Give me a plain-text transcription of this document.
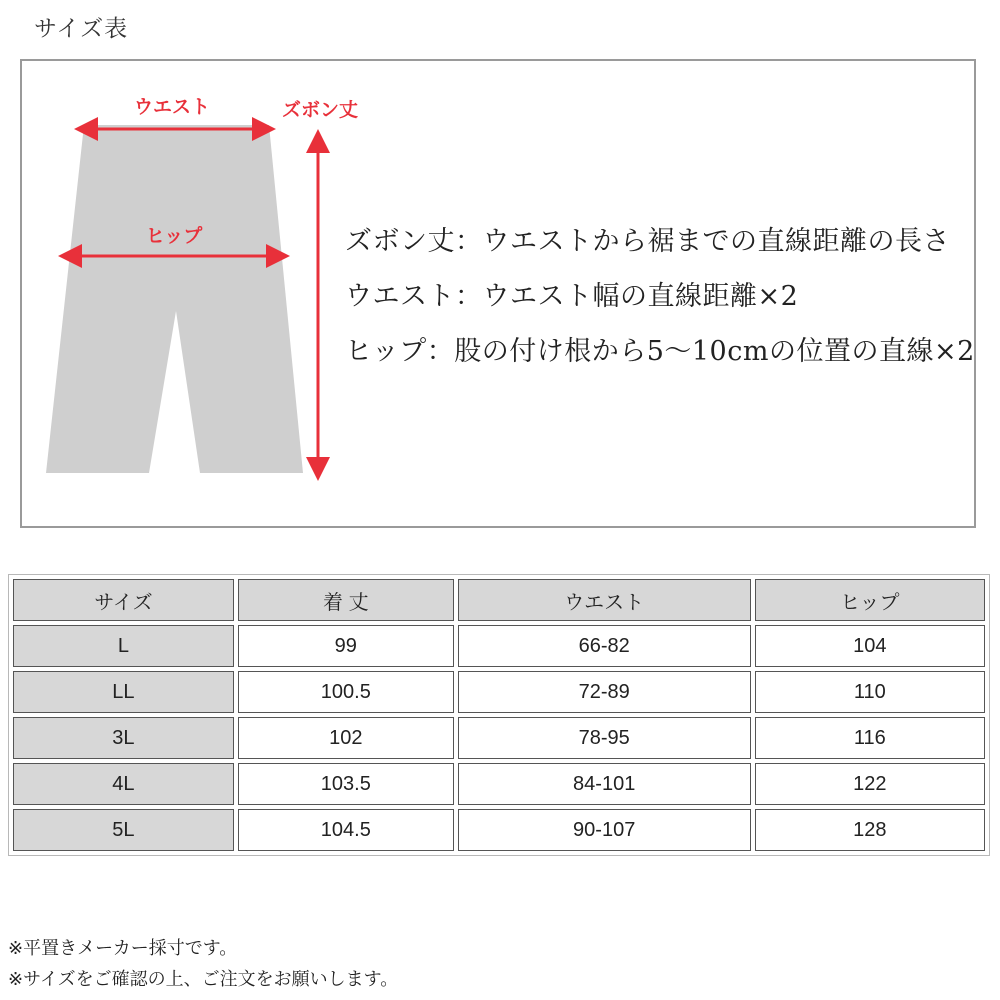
サイズ表
ウエスト
ヒップ
ズボン丈
ズボン丈：ウエストから裾までの直線距離の長さ
ウエスト：ウエスト幅の直線距離×2
ヒップ：股の付け根から5～10cmの位置の直線×2
サイズ	着 丈	ウエスト	ヒップ
L	99	66-82	104
LL	100.5	72-89	110
3L	102	78-95	116
4L	103.5	84-101	122
5L	104.5	90-107	128
※平置きメーカー採寸です。
※サイズをご確認の上、ご注文をお願いします。
